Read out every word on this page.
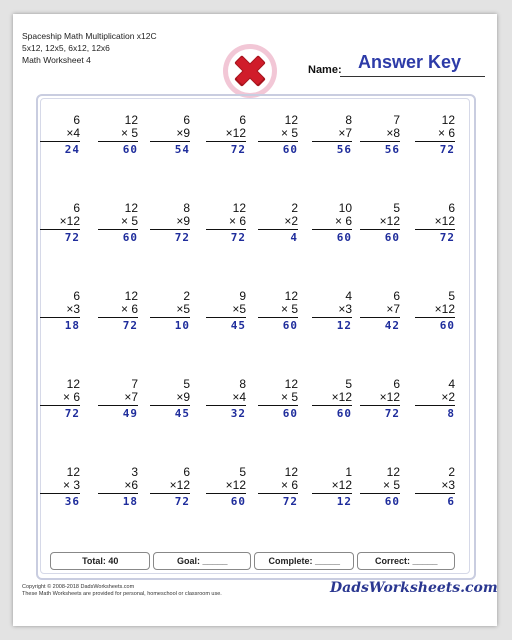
Spaceship Math Multiplication x12C
5x12, 12x5, 6x12, 12x6
Math Worksheet 4
Name: Answer Key
6
×4
24
12
× 5
60
6
×9
54
6
×12
72
12
× 5
60
8
×7
56
7
×8
56
12
× 6
72
6
×12
72
12
× 5
60
8
×9
72
12
× 6
72
2
×2
4
10
× 6
60
5
×12
60
6
×12
72
6
×3
18
12
× 6
72
2
×5
10
9
×5
45
12
× 5
60
4
×3
12
6
×7
42
5
×12
60
12
× 6
72
7
×7
49
5
×9
45
8
×4
32
12
× 5
60
5
×12
60
6
×12
72
4
×2
8
12
× 3
36
3
×6
18
6
×12
72
5
×12
60
12
× 6
72
1
×12
12
12
× 5
60
2
×3
6
Total: 40	Goal: _____	Complete: _____	Correct: _____
Copyright © 2008-2018 DadsWorksheets.com
These Math Worksheets are provided for personal, homeschool or classroom use.	DadsWorksheets.com
